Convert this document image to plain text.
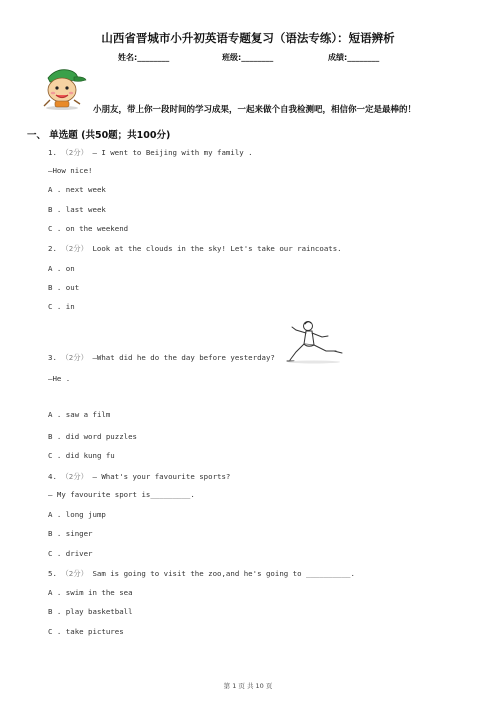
山西省晋城市小升初英语专题复习（语法专练）：短语辨析
姓名:________	班级:________	成绩:________
小朋友，带上你一段时间的学习成果，一起来做个自我检测吧，相信你一定是最棒的！
一、 单选题 (共50题；共100分)
1. （2分） — I went to Beijing with my family .
—How nice!
A . next week
B . last week
C . on the weekend
2. （2分） Look at the clouds in the sky! Let's take our raincoats.
A . on
B . out
C . in
3. （2分） —What did he do the day before yesterday?
—He .
A . saw a film
B . did word puzzles
C . did kung fu
4. （2分） — What's your favourite sports?
— My favourite sport is_________.
A . long jump
B . singer
C . driver
5. （2分） Sam is going to visit the zoo,and he's going to __________.
A . swim in the sea
B . play basketball
C . take pictures
第 1 页 共 10 页
